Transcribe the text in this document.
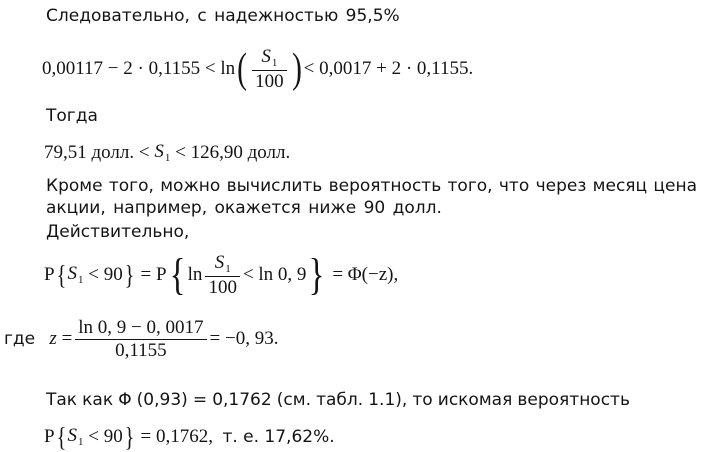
Следовательно, с надежностью 95,5%
0,00117 − 2 · 0,1155 < ln ( $\frac{S_1}{100}$ ) < 0,0017 + 2 · 0,1155.
Тогда
79,51 долл. <
$S_1$
< 126,90 долл.
Кроме того, можно вычислить вероятность того, что через месяц цена
акции, например, окажется ниже 90 долл.
Действительно,
P { $S_1$
< 90 }
= P { $\ln \frac{S_1}{100} < \ln 0$, 9 }
= Φ(−z),
где
z
= $\frac{\ln 0, 9 - 0, 0017}{0,1155} = -0$, 93.
Так как Φ (0,93) = 0,1762 (см. табл. 1.1), то искомая вероятность
P { $S_1$
< 90 }
= 0,1762,
т. е. 17,62%.
